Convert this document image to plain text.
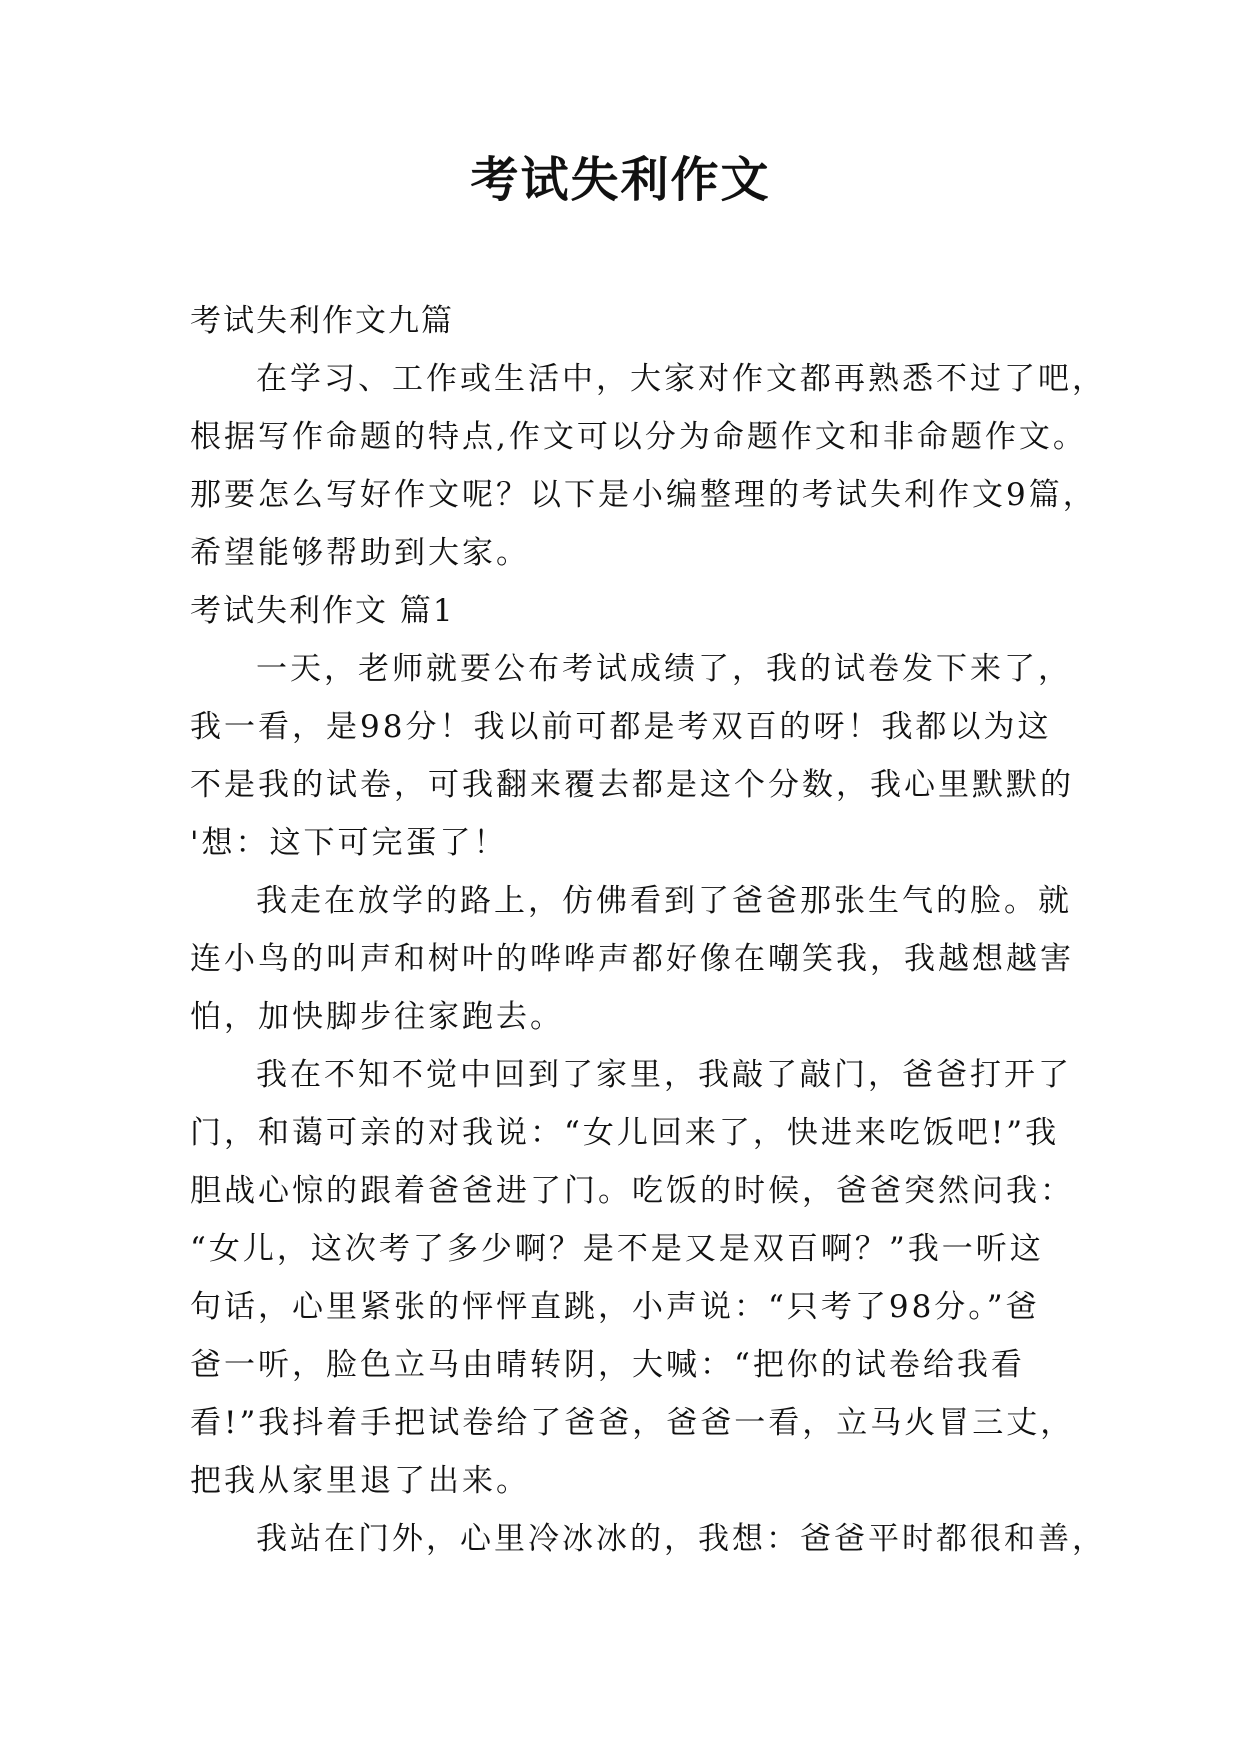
考试失利作文

考试失利作文九篇

在学习、工作或生活中，大家对作文都再熟悉不过了吧，

根据写作命题的特点,作文可以分为命题作文和非命题作文。

那要怎么写好作文呢？以下是小编整理的考试失利作文9篇，

希望能够帮助到大家。

考试失利作文 篇1

一天，老师就要公布考试成绩了，我的试卷发下来了，

我一看，是98分！我以前可都是考双百的呀！我都以为这

不是我的试卷，可我翻来覆去都是这个分数，我心里默默的

'想：这下可完蛋了！

我走在放学的路上，仿佛看到了爸爸那张生气的脸。就

连小鸟的叫声和树叶的哗哗声都好像在嘲笑我，我越想越害

怕，加快脚步往家跑去。

我在不知不觉中回到了家里，我敲了敲门，爸爸打开了

门，和蔼可亲的对我说：“女儿回来了，快进来吃饭吧!”我

胆战心惊的跟着爸爸进了门。吃饭的时候，爸爸突然问我：

“女儿，这次考了多少啊？是不是又是双百啊？”我一听这

句话，心里紧张的怦怦直跳，小声说：“只考了98分。”爸

爸一听，脸色立马由晴转阴，大喊：“把你的试卷给我看

看!”我抖着手把试卷给了爸爸，爸爸一看，立马火冒三丈，

把我从家里退了出来。

我站在门外，心里冷冰冰的，我想：爸爸平时都很和善，
